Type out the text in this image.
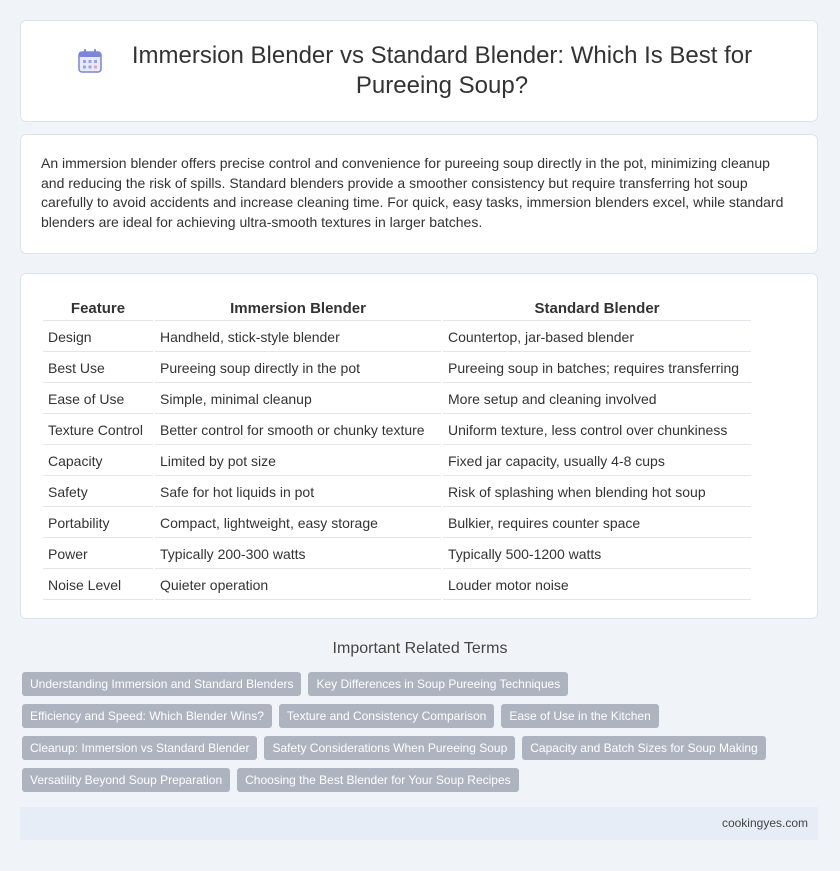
Immersion Blender vs Standard Blender: Which Is Best for Pureeing Soup?

An immersion blender offers precise control and convenience for pureeing soup directly in the pot, minimizing cleanup and reducing the risk of spills. Standard blenders provide a smoother consistency but require transferring hot soup carefully to avoid accidents and increase cleaning time. For quick, easy tasks, immersion blenders excel, while standard blenders are ideal for achieving ultra-smooth textures in larger batches.

Feature	Immersion Blender	Standard Blender
Design	Handheld, stick-style blender	Countertop, jar-based blender
Best Use	Pureeing soup directly in the pot	Pureeing soup in batches; requires transferring
Ease of Use	Simple, minimal cleanup	More setup and cleaning involved
Texture Control	Better control for smooth or chunky texture	Uniform texture, less control over chunkiness
Capacity	Limited by pot size	Fixed jar capacity, usually 4-8 cups
Safety	Safe for hot liquids in pot	Risk of splashing when blending hot soup
Portability	Compact, lightweight, easy storage	Bulkier, requires counter space
Power	Typically 200-300 watts	Typically 500-1200 watts
Noise Level	Quieter operation	Louder motor noise
Important Related Terms
Understanding Immersion and Standard Blenders	Key Differences in Soup Pureeing Techniques
Efficiency and Speed: Which Blender Wins?	Texture and Consistency Comparison	Ease of Use in the Kitchen
Cleanup: Immersion vs Standard Blender	Safety Considerations When Pureeing Soup	Capacity and Batch Sizes for Soup Making
Versatility Beyond Soup Preparation	Choosing the Best Blender for Your Soup Recipes
cookingyes.com
